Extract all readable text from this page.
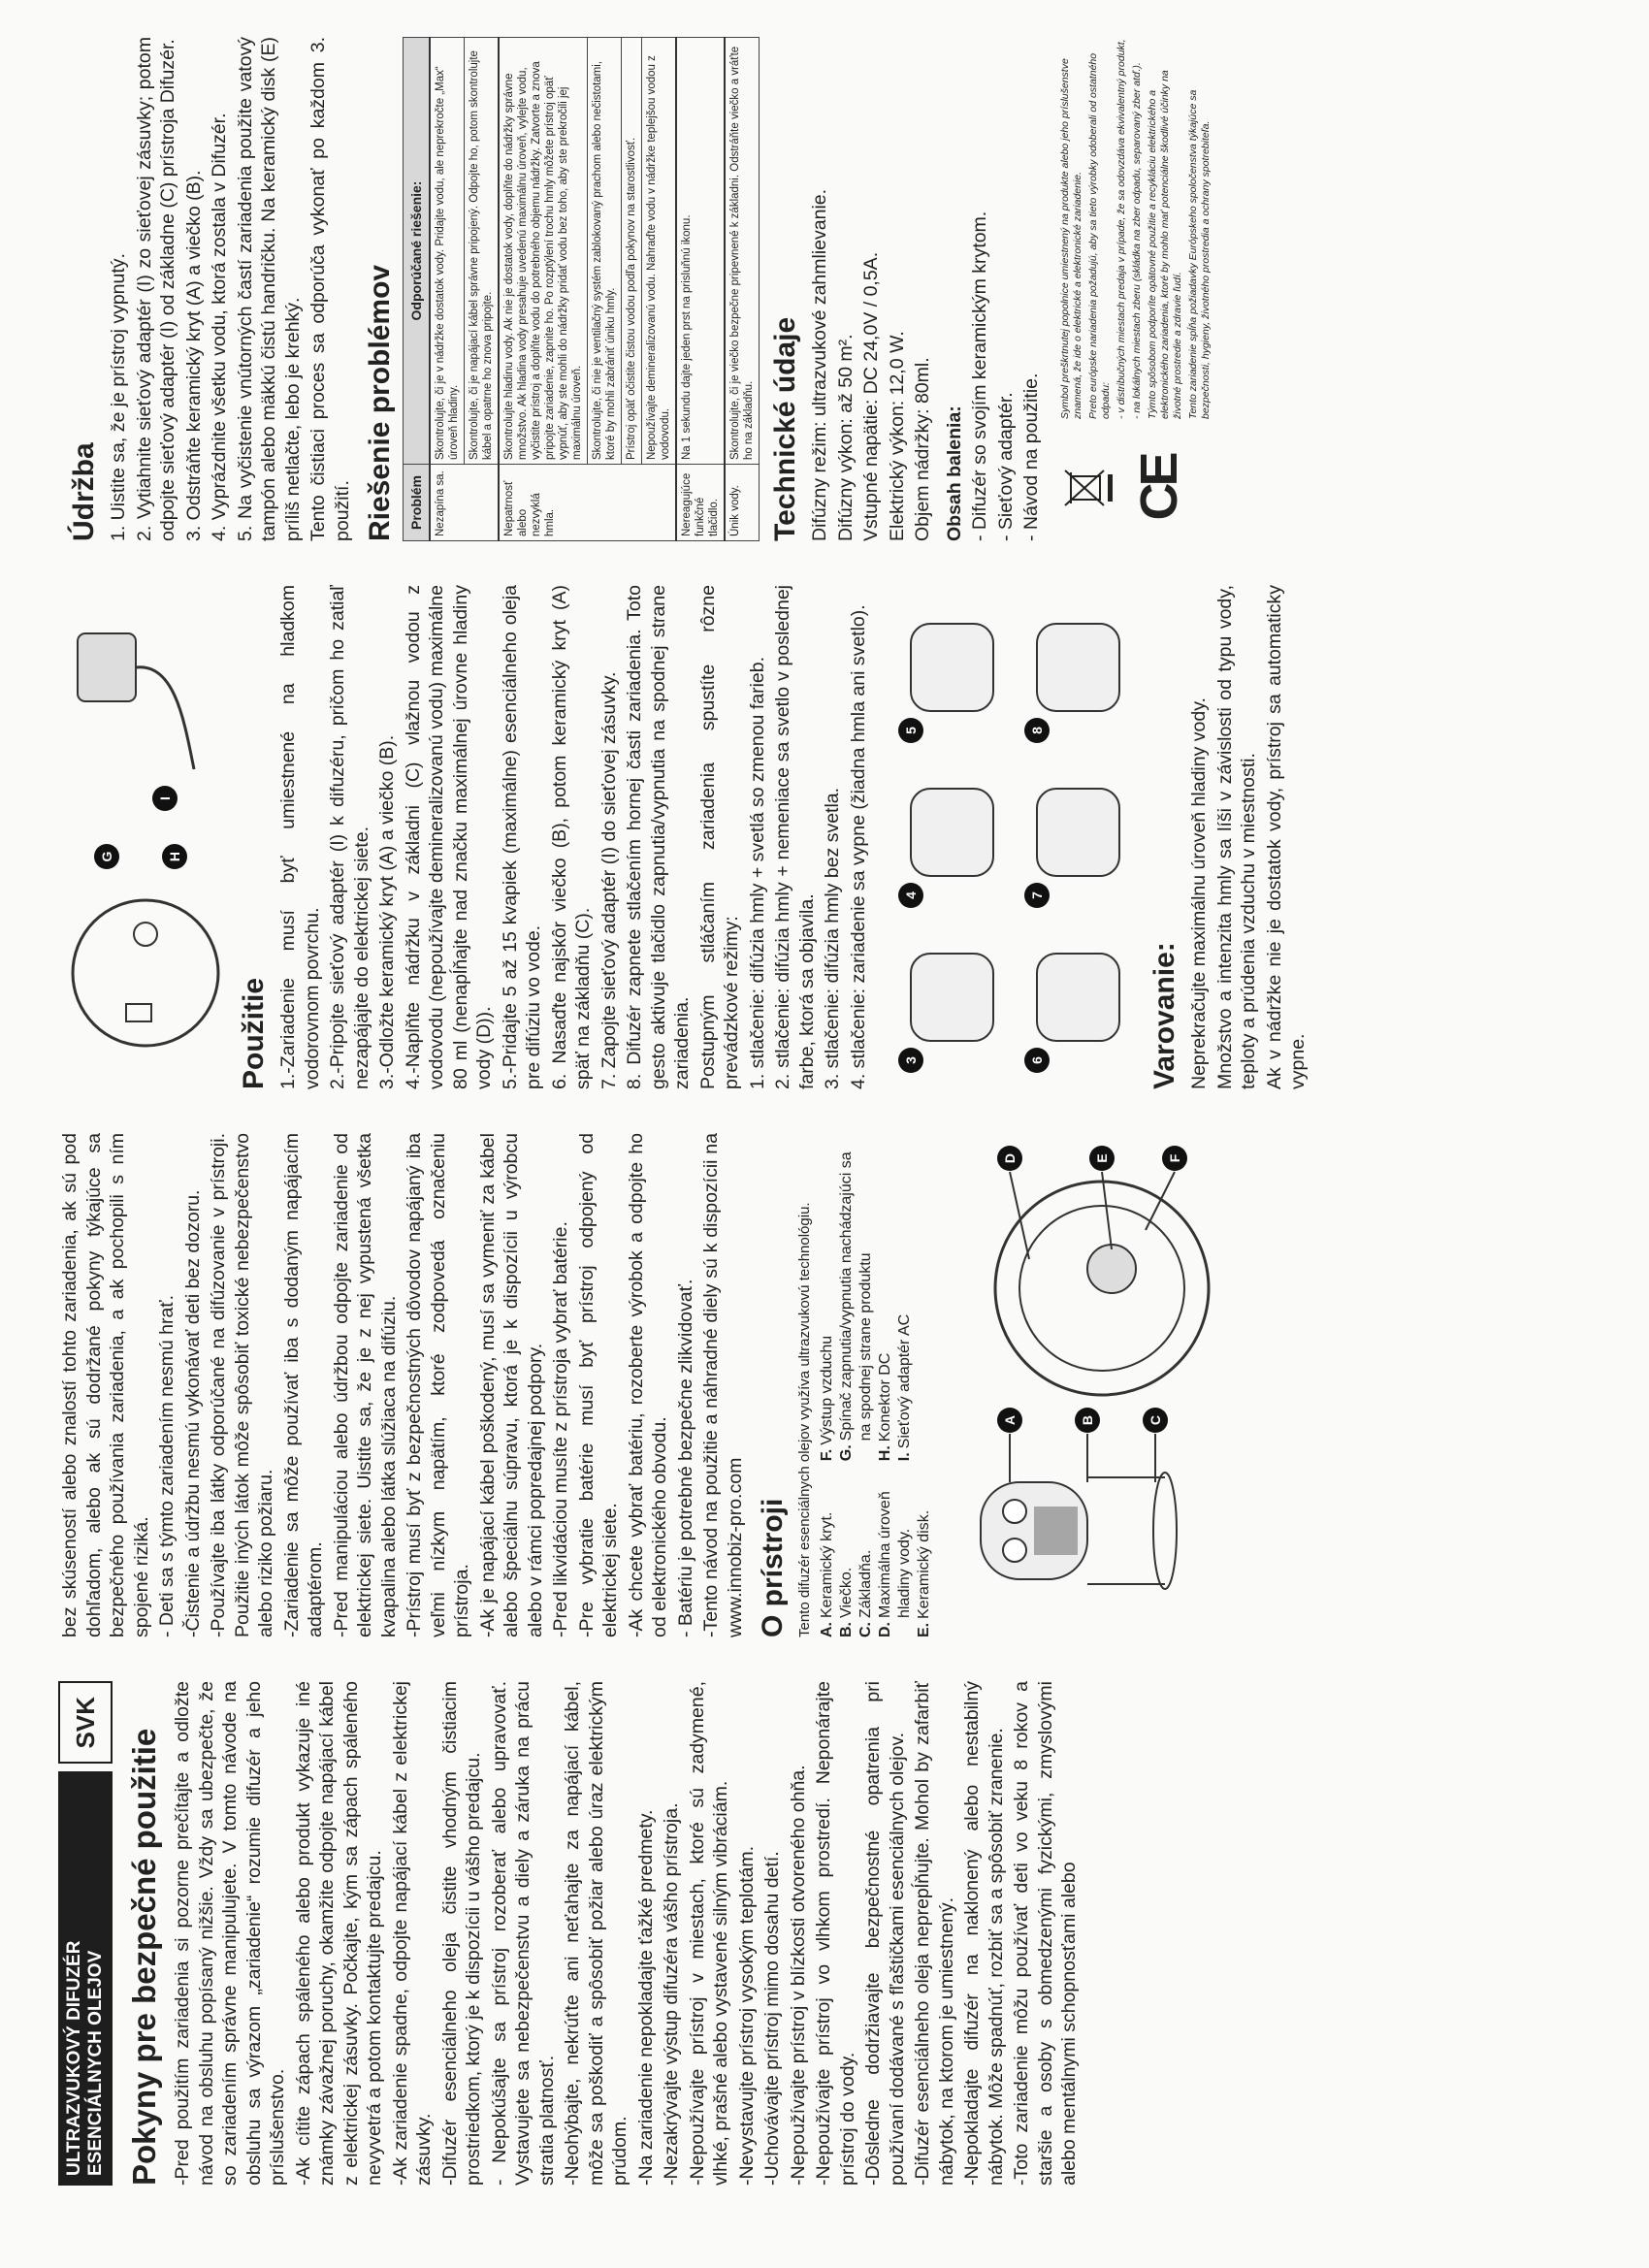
ULTRAZVUKOVÝ DIFUZÉR ESENCIÁLNYCH OLEJOV
SVK
Pokyny pre bezpečné použitie -Pred použitím zariadenia si pozorne prečítajte a odložte návod na obsluhu popísaný nižšie. Vždy sa ubezpečte, že so zariadením správne manipulujete. V tomto návode na obsluhu sa výrazom „zariadenie“ rozumie difuzér a jeho príslušenstvo. -Ak cítite zápach spáleného alebo produkt vykazuje iné známky závažnej poruchy, okamžite odpojte napájací kábel z elektrickej zásuvky. Počkajte, kým sa zápach spáleného nevyvetrá a potom kontaktujte predajcu. -Ak zariadenie spadne, odpojte napájací kábel z elektrickej zásuvky. -Difuzér esenciálneho oleja čistite vhodným čistiacim prostriedkom, ktorý je k dispozícii u vášho predajcu. - Nepokúšajte sa prístroj rozoberať alebo upravovať. Vystavujete sa nebezpečenstvu a diely a záruka na prácu stratia platnosť. -Neohýbajte, nekrúťte ani neťahajte za napájací kábel, môže sa poškodiť a spôsobiť požiar alebo úraz elektrickým prúdom. -Na zariadenie nepokladajte ťažké predmety. -Nezakrývajte výstup difuzéra vášho prístroja. -Nepoužívajte prístroj v miestach, ktoré sú zadymené, vlhké, prašné alebo vystavené silným vibráciám. -Nevystavujte prístroj vysokým teplotám. -Uchovávajte prístroj mimo dosahu detí. -Nepoužívajte prístroj v blízkosti otvoreného ohňa. -Nepoužívajte prístroj vo vlhkom prostredí. Neponárajte prístroj do vody. -Dôsledne dodržiavajte bezpečnostné opatrenia pri používaní dodávané s fľaštičkami esenciálnych olejov. -Difuzér esenciálneho oleja neprepĺňujte. Mohol by zafarbiť nábytok, na ktorom je umiestnený. -Nepokladajte difuzér na naklonený alebo nestabilný nábytok. Môže spadnúť, rozbiť sa a spôsobiť zranenie. -Toto zariadenie môžu používať deti vo veku 8 rokov a staršie a osoby s obmedzenými fyzickými, zmyslovými alebo mentálnymi schopnosťami alebo

bez skúseností alebo znalostí tohto zariadenia, ak sú pod dohľadom, alebo ak sú dodržané pokyny týkajúce sa bezpečného používania zariadenia, a ak pochopili s ním spojené riziká. - Deti sa s týmto zariadením nesmú hrať. -Čistenie a údržbu nesmú vykonávať deti bez dozoru. -Používajte iba látky odporúčané na difúzovanie v prístroji. Použitie iných látok môže spôsobiť toxické nebezpečenstvo alebo riziko požiaru. -Zariadenie sa môže používať iba s dodaným napájacím adaptérom. -Pred manipuláciou alebo údržbou odpojte zariadenie od elektrickej siete. Uistite sa, že je z nej vypustená všetka kvapalina alebo látka slúžiaca na difúziu. -Prístroj musí byť z bezpečnostných dôvodov napájaný iba veľmi nízkym napätím, ktoré zodpovedá označeniu prístroja. -Ak je napájací kábel poškodený, musí sa vymeniť za kábel alebo špeciálnu súpravu, ktorá je k dispozícii u výrobcu alebo v rámci popredajnej podpory. -Pred likvidáciou musíte z prístroja vybrať batérie. -Pre vybratie batérie musí byť prístroj odpojený od elektrickej siete. -Ak chcete vybrať batériu, rozoberte výrobok a odpojte ho od elektronického obvodu. - Batériu je potrebné bezpečne zlikvidovať. -Tento návod na použitie a náhradné diely sú k dispozícii na www.innobiz-pro.com O prístroji Tento difuzér esenciálnych olejov využíva ultrazvukovú technológiu. A.
Keramický kryt.
B.
Viečko.
C.
Základňa.
D.
Maximálna úroveň hladiny vody.
E.
Keramický disk.
F.
Výstup vzduchu
G.
Spínač zapnutia/vypnutia nachádzajúci sa na spodnej strane produktu
H.
Konektor DC
I.
Sieťový adaptér AC	A	B	C
D	E	F
G	H
I
Použitie 1.-Zariadenie musí byť umiestnené na hladkom vodorovnom povrchu. 2.-Pripojte sieťový adaptér (I) k difuzéru, pričom ho zatiaľ nezapájajte do elektrickej siete. 3.-Odložte keramický kryt (A) a viečko (B). 4.-Naplňte nádržku v základni (C) vlažnou vodou z vodovodu (nepoužívajte demineralizovanú vodu) maximálne 80 ml (nenapĺňajte nad značku maximálnej úrovne hladiny vody (D)). 5.-Pridajte 5 až 15 kvapiek (maximálne) esenciálneho oleja pre difúziu vo vode. 6. Nasaďte najskôr viečko (B), potom keramický kryt (A) späť na základňu (C). 7. Zapojte sieťový adaptér (I) do sieťovej zásuvky. 8. Difuzér zapnete stlačením hornej časti zariadenia. Toto gesto aktivuje tlačidlo zapnutia/vypnutia na spodnej strane zariadenia. Postupným stláčaním zariadenia spustíte rôzne prevádzkové režimy: 1. stlačenie: difúzia hmly + svetlá so zmenou farieb. 2. stlačenie: difúzia hmly + nemeniace sa svetlo v poslednej farbe, ktorá sa objavila. 3. stlačenie: difúzia hmly bez svetla. 4. stlačenie: zariadenie sa vypne (žiadna hmla ani svetlo).	3
4
5
6
7
8
Varovanie: Neprekračujte maximálnu úroveň hladiny vody. Množstvo a intenzita hmly sa líši v závislosti od typu vody, teploty a prúdenia vzduchu v miestnosti. Ak v nádržke nie je dostatok vody, prístroj sa automaticky vypne.

Údržba 1. Uistite sa, že je prístroj vypnutý. 2. Vytiahnite sieťový adaptér (I) zo sieťovej zásuvky; potom odpojte sieťový adaptér (I) od základne (C) prístroja Difuzér. 3. Odstráňte keramický kryt (A) a viečko (B). 4. Vyprázdnite všetku vodu, ktorá zostala v Difuzér. 5. Na vyčistenie vnútorných častí zariadenia použite vatový tampón alebo mäkkú čistú handričku. Na keramický disk (E) príliš netlačte, lebo je krehký. Tento čistiaci proces sa odporúča vykonať po každom 3. použití. Riešenie problémov Problém	Odporúčané riešenie:
Nezapína sa.	Skontrolujte, či je v nádržke dostatok vody. Pridajte vodu, ale neprekročte „Max“ úroveň hladiny.
	Skontrolujte, či je napájací kábel správne pripojený. Odpojte ho, potom skontrolujte kábel a opatrne ho znova pripojte.
Nepatrnosť alebo nezvyklá hmla.	Skontrolujte hladinu vody. Ak nie je dostatok vody, doplňte do nádržky správne množstvo. Ak hladina vody presahuje uvedenú maximálnu úroveň, vylejte vodu, vyčistite prístroj a doplňte vodu do potrebného objemu nádržky. Zatvorte a znova pripojte zariadenie, zapnite ho. Po rozptýlení trochu hmly môžete prístroj opäť vypnúť, aby ste mohli do nádržky pridať vodu bez toho, aby ste prekročili jej maximálnu úroveň.
	Skontrolujte, či nie je ventilačný systém zablokovaný prachom alebo nečistotami, ktoré by mohli zabrániť úniku hmly.
	Prístroj opäť očistite čistou vodou podľa pokynov na starostlivosť.
	Nepoužívajte demineralizovanú vodu. Nahraďte vodu v nádržke teplejšou vodou z vodovodu.
Nereagujúce funkčné tlačidlo.	Na 1 sekundu dajte jeden prst na prisluňnú ikonu.
Únik vody.	Skontrolujte, či je viečko bezpečne pripevnené k základni. Odstráňte viečko a vráťte ho na základňu. Technické údaje Difúzny režim: ultrazvukové zahmlievanie. Difúzny výkon: až 50 m². Vstupné napätie: DC 24,0V / 0,5A. Elektrický výkon: 12,0 W. Objem nádržky: 80ml. Obsah balenia: - Difuzér so svojím keramickým krytom. - Sieťový adaptér. - Návod na použitie. CE
Symbol preškrtnutej popolnice umiestnený na produkte alebo jeho príslušenstve znamená, že ide o elektrické a elektronické zariadenie. Preto európske nariadenia požadujú, aby sa tieto výrobky odoberali od ostatného odpadu: - v distribučných miestach predaja v prípade, že sa odovzdáva ekvivalentný produkt, - na lokálnych miestach zberu (skládka na zber odpadu, separovaný zber atď.). Týmto spôsobom podporíte opätovné použitie a recykláciu elektrického a elektronického zariadenia, ktoré by mohlo mať potenciálne škodlivé účinky na životné prostredie a zdravie ľudí. Tento zariadenie spĺňa požiadavky Európskeho spoločenstva týkajúce sa bezpečnosti, hygieny, životného prostredia a ochrany spotrebiteľa.
